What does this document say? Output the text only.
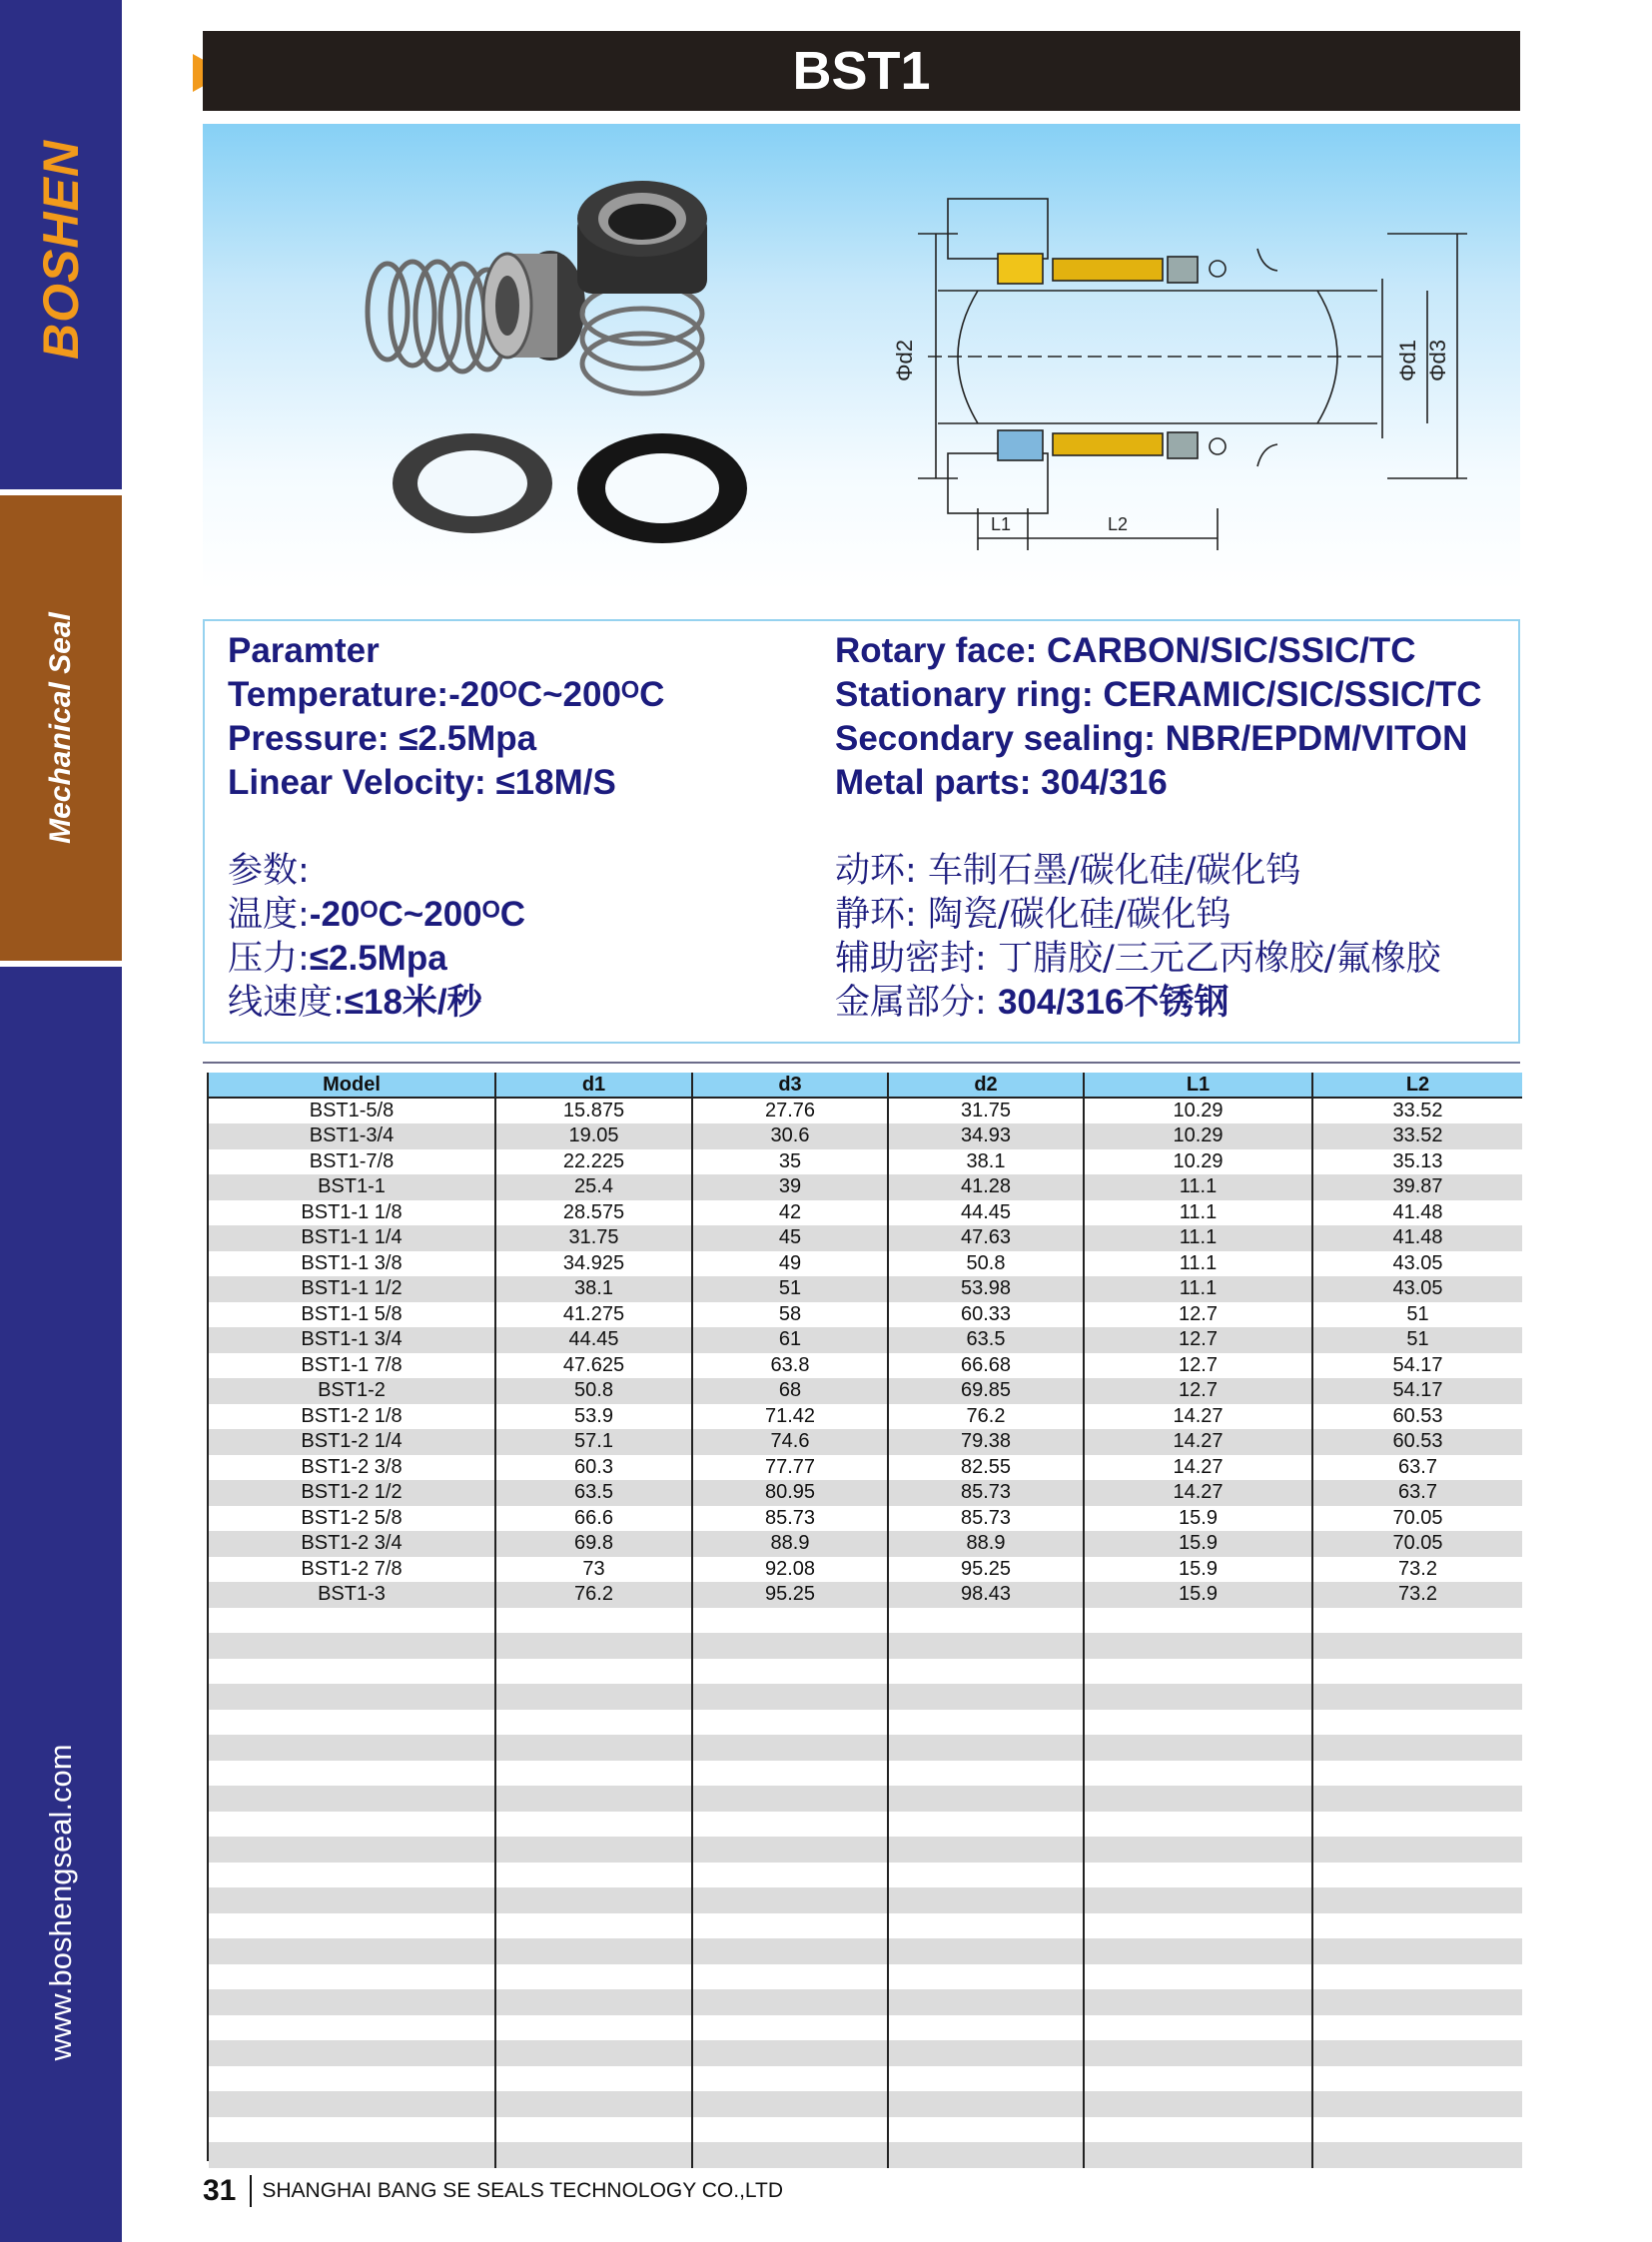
BOSHEN
Mechanical Seal
www.boshengseal.com
BST1
Φd2	Φd1 Φd3
L1	L2
Paramter
Temperature:-20ᴼC~200ᴼC
Pressure: ≤2.5Mpa
Linear Velocity: ≤18M/S
参数:
温度:-20ᴼC~200ᴼC
压力:≤2.5Mpa
线速度:≤18米/秒
Rotary face: CARBON/SIC/SSIC/TC
Stationary ring: CERAMIC/SIC/SSIC/TC
Secondary sealing: NBR/EPDM/VITON
Metal parts: 304/316
动环: 车制石墨/碳化硅/碳化钨
静环: 陶瓷/碳化硅/碳化钨
辅助密封: 丁腈胶/三元乙丙橡胶/氟橡胶
金属部分: 304/316不锈钢
Model	d1	d3	d2	L1	L2
BST1-5/8	15.875	27.76	31.75	10.29	33.52
BST1-3/4	19.05	30.6	34.93	10.29	33.52
BST1-7/8	22.225	35	38.1	10.29	35.13
BST1-1	25.4	39	41.28	11.1	39.87
BST1-1 1/8	28.575	42	44.45	11.1	41.48
BST1-1 1/4	31.75	45	47.63	11.1	41.48
BST1-1 3/8	34.925	49	50.8	11.1	43.05
BST1-1 1/2	38.1	51	53.98	11.1	43.05
BST1-1 5/8	41.275	58	60.33	12.7	51
BST1-1 3/4	44.45	61	63.5	12.7	51
BST1-1 7/8	47.625	63.8	66.68	12.7	54.17
BST1-2	50.8	68	69.85	12.7	54.17
BST1-2 1/8	53.9	71.42	76.2	14.27	60.53
BST1-2 1/4	57.1	74.6	79.38	14.27	60.53
BST1-2 3/8	60.3	77.77	82.55	14.27	63.7
BST1-2 1/2	63.5	80.95	85.73	14.27	63.7
BST1-2 5/8	66.6	85.73	85.73	15.9	70.05
BST1-2 3/4	69.8	88.9	88.9	15.9	70.05
BST1-2 7/8	73	92.08	95.25	15.9	73.2
BST1-3	76.2	95.25	98.43	15.9	73.2

31 SHANGHAI BANG SE SEALS TECHNOLOGY CO.,LTD
